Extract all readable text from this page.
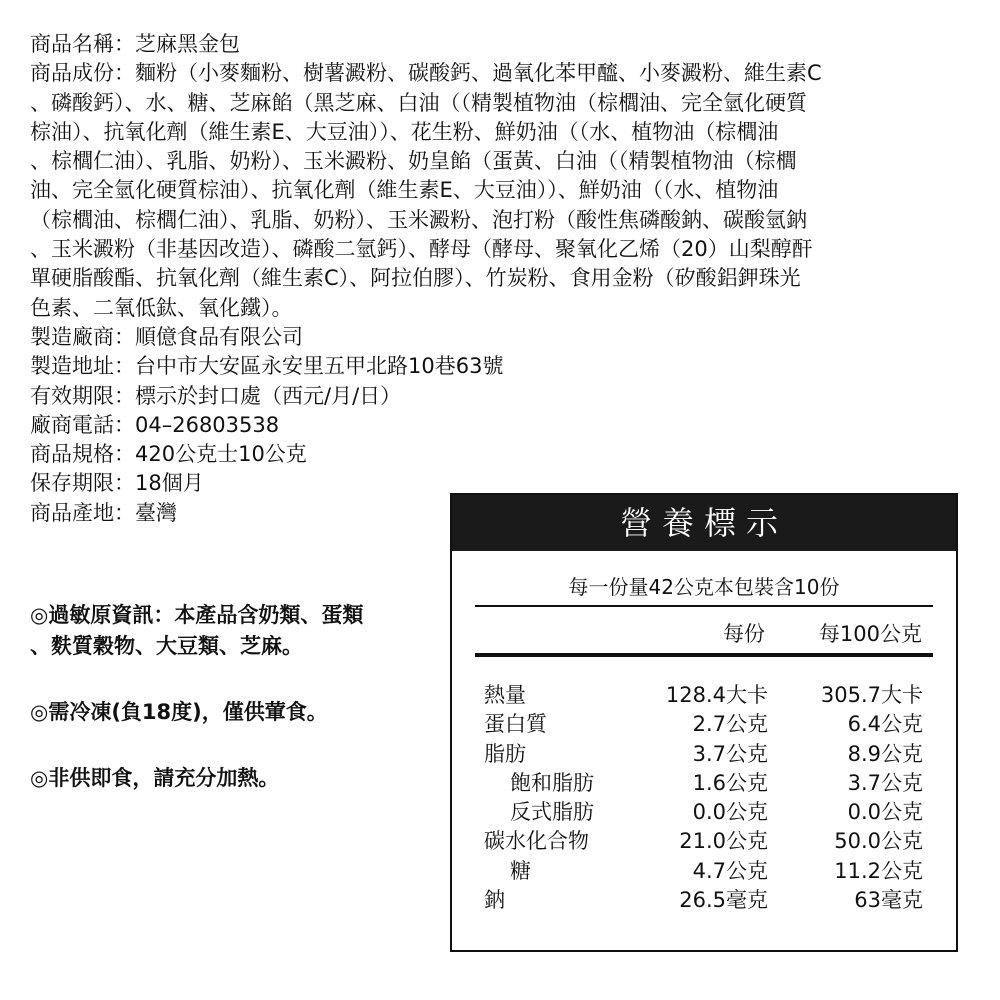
商品名稱：芝麻黑金包

商品成份：麵粉（小麥麵粉、樹薯澱粉、碳酸鈣、過氧化苯甲醯、小麥澱粉、維生素C

、磷酸鈣）、水、糖、芝麻餡（黑芝麻、白油（（精製植物油（棕櫚油、完全氫化硬質

棕油）、抗氧化劑（維生素E、大豆油））、花生粉、鮮奶油（（水、植物油（棕櫚油

、棕櫚仁油）、乳脂、奶粉）、玉米澱粉、奶皇餡（蛋黃、白油（（精製植物油（棕櫚

油、完全氫化硬質棕油）、抗氧化劑（維生素E、大豆油））、鮮奶油（（水、植物油

（棕櫚油、棕櫚仁油）、乳脂、奶粉）、玉米澱粉、泡打粉（酸性焦磷酸鈉、碳酸氫鈉

、玉米澱粉（非基因改造）、磷酸二氫鈣）、酵母（酵母、聚氧化乙烯（20）山梨醇酐

單硬脂酸酯、抗氧化劑（維生素C）、阿拉伯膠）、竹炭粉、食用金粉（矽酸鋁鉀珠光

色素、二氧低鈦、氧化鐵）。

製造廠商：順億食品有限公司

製造地址：台中市大安區永安里五甲北路10巷63號

有效期限：標示於封口處（西元/月/日）

廠商電話：04–26803538

商品規格：420公克士10公克

保存期限：18個月

商品產地：臺灣

◎過敏原資訊：本產品含奶類、蛋類
、麩質穀物、大豆類、芝麻。

◎需冷凍(負18度)，僅供葷食。

◎非供即食，請充分加熱。

營養標示
每一份量42公克本包裝含10份
每份	每100公克
熱量	128.4大卡	305.7大卡
蛋白質	2.7公克	6.4公克
脂肪	3.7公克	8.9公克
飽和脂肪	1.6公克	3.7公克
反式脂肪	0.0公克	0.0公克
碳水化合物	21.0公克	50.0公克
糖	4.7公克	11.2公克
鈉	26.5毫克	63毫克
